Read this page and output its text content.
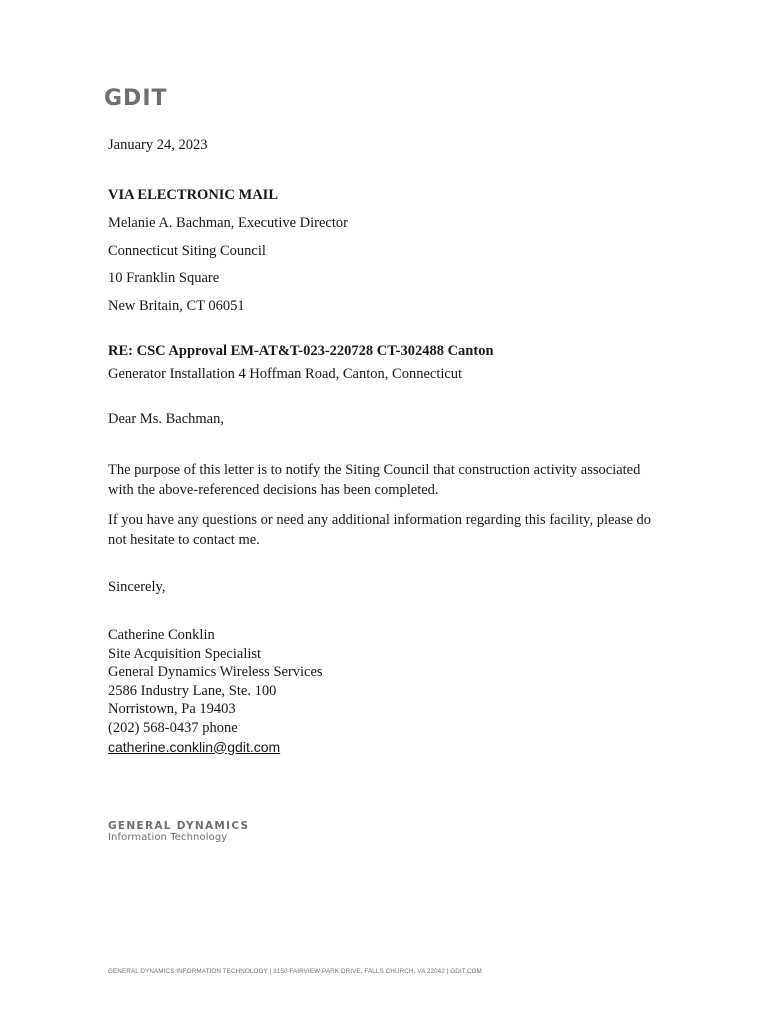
GDIT
January 24, 2023
VIA ELECTRONIC MAIL
Melanie A. Bachman, Executive Director
Connecticut Siting Council
10 Franklin Square
New Britain, CT 06051
RE: CSC Approval EM-AT&T-023-220728 CT-302488 Canton
Generator Installation 4 Hoffman Road, Canton, Connecticut
Dear Ms. Bachman,
The purpose of this letter is to notify the Siting Council that construction activity associated with the above-referenced decisions has been completed.
If you have any questions or need any additional information regarding this facility, please do not hesitate to contact me.
Sincerely,
Catherine Conklin
Site Acquisition Specialist
General Dynamics Wireless Services
2586 Industry Lane, Ste. 100
Norristown, Pa 19403
(202) 568-0437 phone
catherine.conklin@gdit.com
GENERAL DYNAMICS
Information Technology
GENERAL DYNAMICS INFORMATION TECHNOLOGY | 3150 FAIRVIEW PARK DRIVE, FALLS CHURCH, VA 22042 | GDIT.COM
